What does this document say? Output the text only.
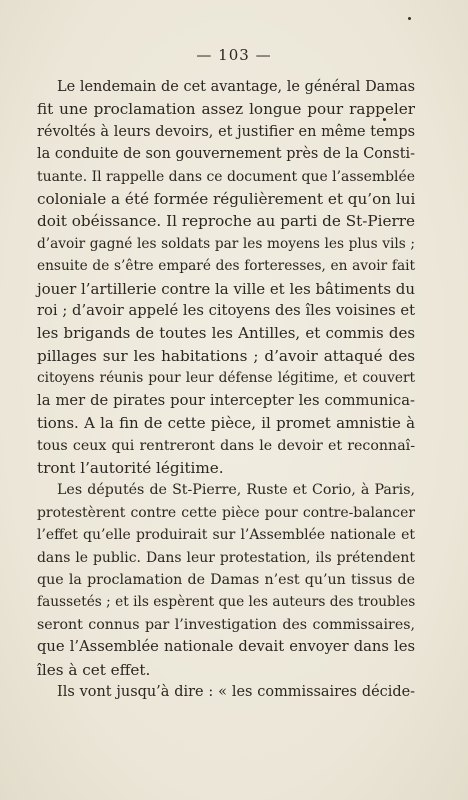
— 103 —

Le lendemain de cet avantage, le général Damas
fit une proclamation assez longue pour rappeler
révoltés à leurs devoirs, et justifier en même temps
la conduite de son gouvernement près de la Consti-
tuante. Il rappelle dans ce document que l’assemblée
coloniale a été formée régulièrement et qu’on lui
doit obéissance. Il reproche au parti de St-Pierre
d’avoir gagné les soldats par les moyens les plus vils ;
ensuite de s’être emparé des forteresses, en avoir fait
jouer l’artillerie contre la ville et les bâtiments du
roi ; d’avoir appelé les citoyens des îles voisines et
les brigands de toutes les Antilles, et commis des
pillages sur les habitations ; d’avoir attaqué des
citoyens réunis pour leur défense légitime, et couvert
la mer de pirates pour intercepter les communica-
tions. A la fin de cette pièce, il promet amnistie à
tous ceux qui rentreront dans le devoir et reconnaî-
tront l’autorité légitime.

Les députés de St-Pierre, Ruste et Corio, à Paris,
protestèrent contre cette pièce pour contre-balancer
l’effet qu’elle produirait sur l’Assemblée nationale et
dans le public. Dans leur protestation, ils prétendent
que la proclamation de Damas n’est qu’un tissus de
faussetés ; et ils espèrent que les auteurs des troubles
seront connus par l’investigation des commissaires,
que l’Assemblée nationale devait envoyer dans les
îles à cet effet.

Ils vont jusqu’à dire : « les commissaires décide-
